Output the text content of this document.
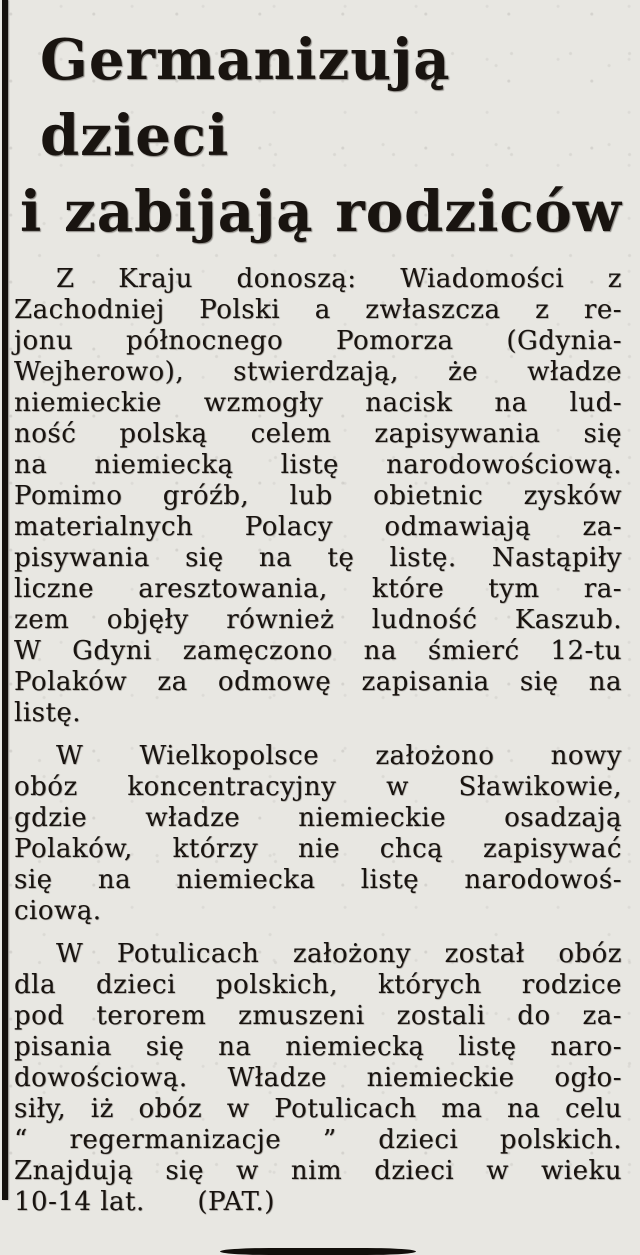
Germanizują dzieci
i zabijają rodziców
Z Kraju donoszą: Wiadomości z
Zachodniej Polski a zwłaszcza z re-
jonu północnego Pomorza (Gdynia-
Wejherowo), stwierdzają, że władze
niemieckie wzmogły nacisk na lud-
ność polską celem zapisywania się
na niemiecką listę narodowościową.
Pomimo gróźb, lub obietnic zysków
materialnych Polacy odmawiają za-
pisywania się na tę listę. Nastąpiły
liczne aresztowania, które tym ra-
zem objęły również ludność Kaszub.
W Gdyni zamęczono na śmierć 12-tu
Polaków za odmowę zapisania się na
listę.
W Wielkopolsce założono nowy
obóz koncentracyjny w Sławikowie,
gdzie władze niemieckie osadzają
Polaków, którzy nie chcą zapisywać
się na niemiecka listę narodowoś-
ciową.
W Potulicach założony został obóz
dla dzieci polskich, których rodzice
pod terorem zmuszeni zostali do za-
pisania się na niemiecką listę naro-
dowościową. Władze niemieckie ogło-
siły, iż obóz w Potulicach ma na celu
“ regermanizacje ” dzieci polskich.
Znajdują się w nim dzieci w wieku
10-14 lat.      (PAT.)
